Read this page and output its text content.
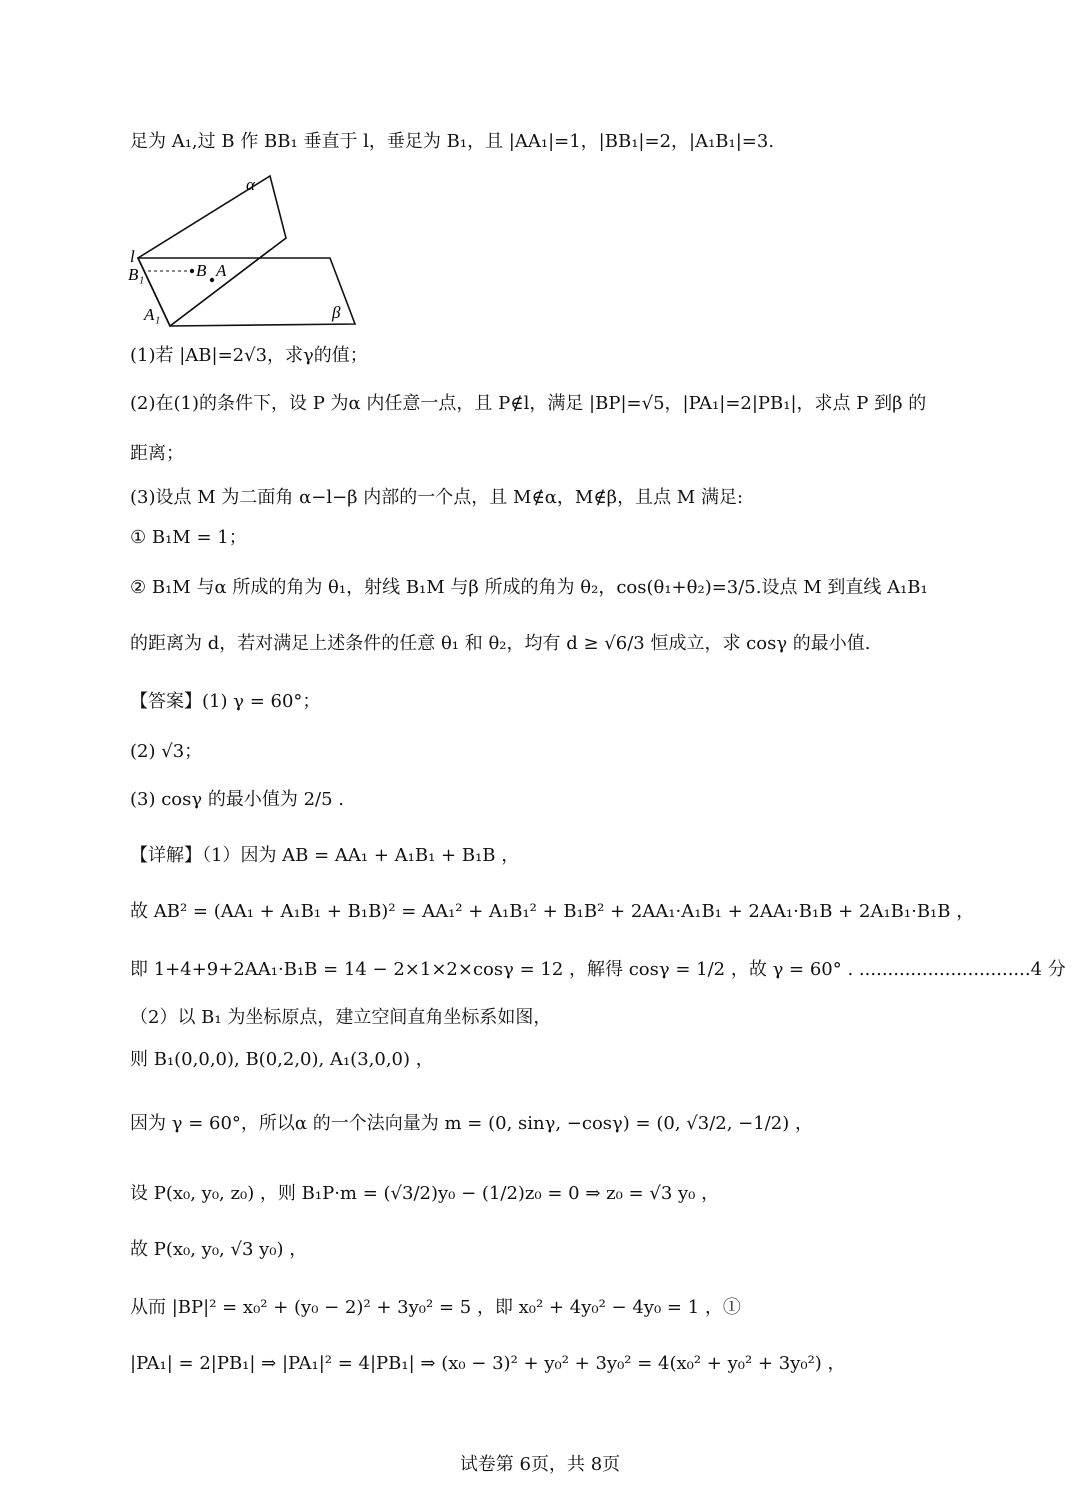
足为 A₁,过 B 作 BB₁ 垂直于 l，垂足为 B₁，且 |AA₁|=1，|BB₁|=2，|A₁B₁|=3.
α
l
B₁	B A
A₁	β
(1)若 |AB|=2√3，求γ的值；
(2)在(1)的条件下，设 P 为α 内任意一点，且 P∉l，满足 |BP|=√5，|PA₁|=2|PB₁|，求点 P 到β 的
距离；
(3)设点 M 为二面角 α−l−β 内部的一个点，且 M∉α，M∉β，且点 M 满足:
① B₁M = 1；
② B₁M 与α 所成的角为 θ₁，射线 B₁M 与β 所成的角为 θ₂，cos(θ₁+θ₂)=3/5.设点 M 到直线 A₁B₁
的距离为 d，若对满足上述条件的任意 θ₁ 和 θ₂，均有 d ≥ √6/3 恒成立，求 cosγ 的最小值.
【答案】(1) γ = 60°；
(2) √3；
(3) cosγ 的最小值为 2/5 .
【详解】（1）因为 AB = AA₁ + A₁B₁ + B₁B ，
故 AB² = (AA₁ + A₁B₁ + B₁B)² = AA₁² + A₁B₁² + B₁B² + 2AA₁·A₁B₁ + 2AA₁·B₁B + 2A₁B₁·B₁B ，
即 1+4+9+2AA₁·B₁B = 14 − 2×1×2×cosγ = 12 ，解得 cosγ = 1/2 ，故 γ = 60° . ..............................4 分
（2）以 B₁ 为坐标原点，建立空间直角坐标系如图，
则 B₁(0,0,0), B(0,2,0), A₁(3,0,0) ，
因为 γ = 60°，所以α 的一个法向量为 m = (0, sinγ, −cosγ) = (0, √3/2, −1/2) ，
设 P(x₀, y₀, z₀) ，则 B₁P·m = (√3/2)y₀ − (1/2)z₀ = 0 ⇒ z₀ = √3 y₀ ，
故 P(x₀, y₀, √3 y₀) ，
从而 |BP|² = x₀² + (y₀ − 2)² + 3y₀² = 5 ，即 x₀² + 4y₀² − 4y₀ = 1 ，①
|PA₁| = 2|PB₁| ⇒ |PA₁|² = 4|PB₁| ⇒ (x₀ − 3)² + y₀² + 3y₀² = 4(x₀² + y₀² + 3y₀²) ，
试卷第 6页，共 8页
